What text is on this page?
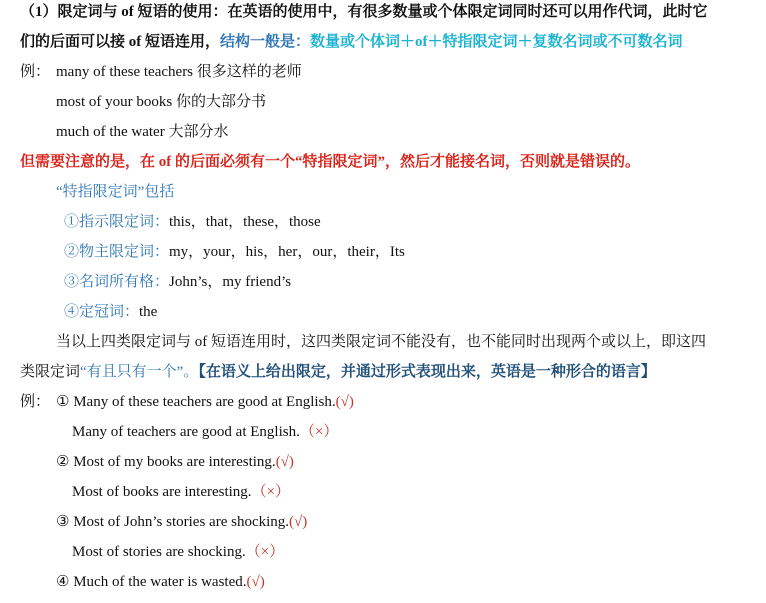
（1）限定词与 of 短语的使用：在英语的使用中，有很多数量或个体限定词同时还可以用作代词，此时它
们的后面可以接 of 短语连用，结构一般是：数量或个体词＋of＋特指限定词＋复数名词或不可数名词
例： many of these teachers 很多这样的老师
most of your books 你的大部分书
much of the water 大部分水
但需要注意的是，在 of 的后面必须有一个“特指限定词”，然后才能接名词，否则就是错误的。
“特指限定词”包括
①指示限定词：this，that，these，those
②物主限定词：my，your，his，her，our，their，Its
③名词所有格：John’s，my friend’s
④定冠词：the
当以上四类限定词与 of 短语连用时，这四类限定词不能没有，也不能同时出现两个或以上，即这四
类限定词“有且只有一个”。【在语义上给出限定，并通过形式表现出来，英语是一种形合的语言】
例： ① Many of these teachers are good at English.(√)
Many of teachers are good at English.（×）
② Most of my books are interesting.(√)
Most of books are interesting.（×）
③ Most of John’s stories are shocking.(√)
Most of stories are shocking.（×）
④ Much of the water is wasted.(√)
